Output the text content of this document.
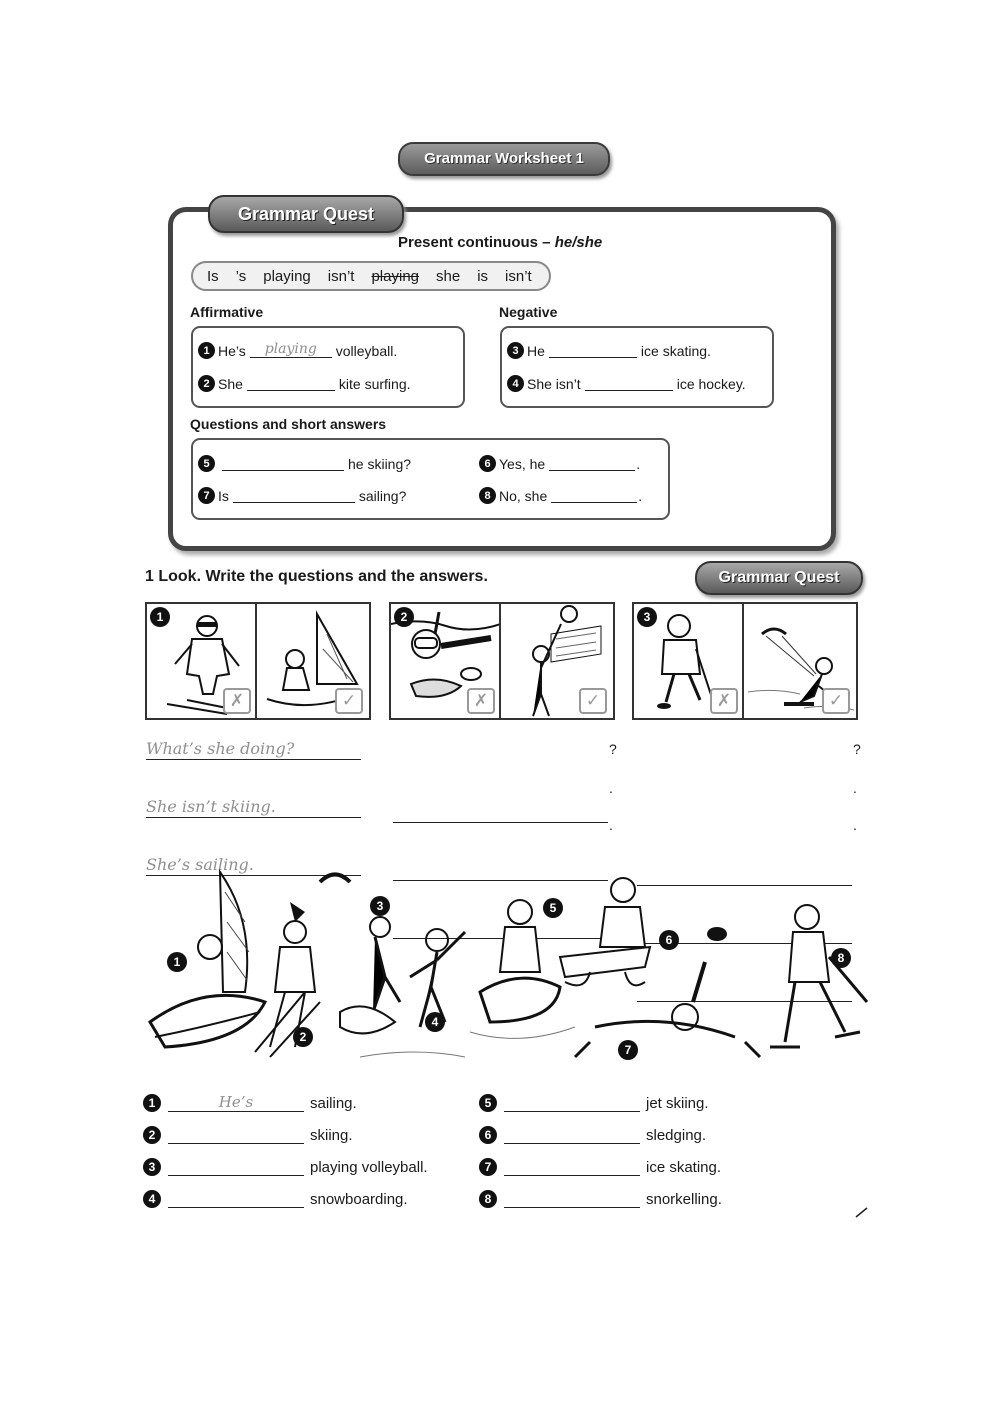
Grammar Worksheet 1
Grammar Quest
Present continuous – he/she
Is ’s playing isn’t playing she is isn’t
Affirmative	Negative
1 He’s	playing	volleyball.
2 She	kite surfing.
3 He	ice skating.
4 She isn’t	ice hockey.
Questions and short answers
5	he skiing?	6 Yes, he	.
7 Is	sailing?	8 No, she	.
1 Look. Write the questions and the answers.	Grammar Quest
1
✗	✓
2
✗	✓
3
✗	✓
What’s she doing?
She isn’t skiing.
She’s sailing.
?
.
.
?
.
.
1
2
3
4
5
6
7
8
1	He’s	sailing.
2	skiing.
3	playing volleyball.
4	snowboarding.
5	jet skiing.
6	sledging.
7	ice skating.
8	snorkelling.
